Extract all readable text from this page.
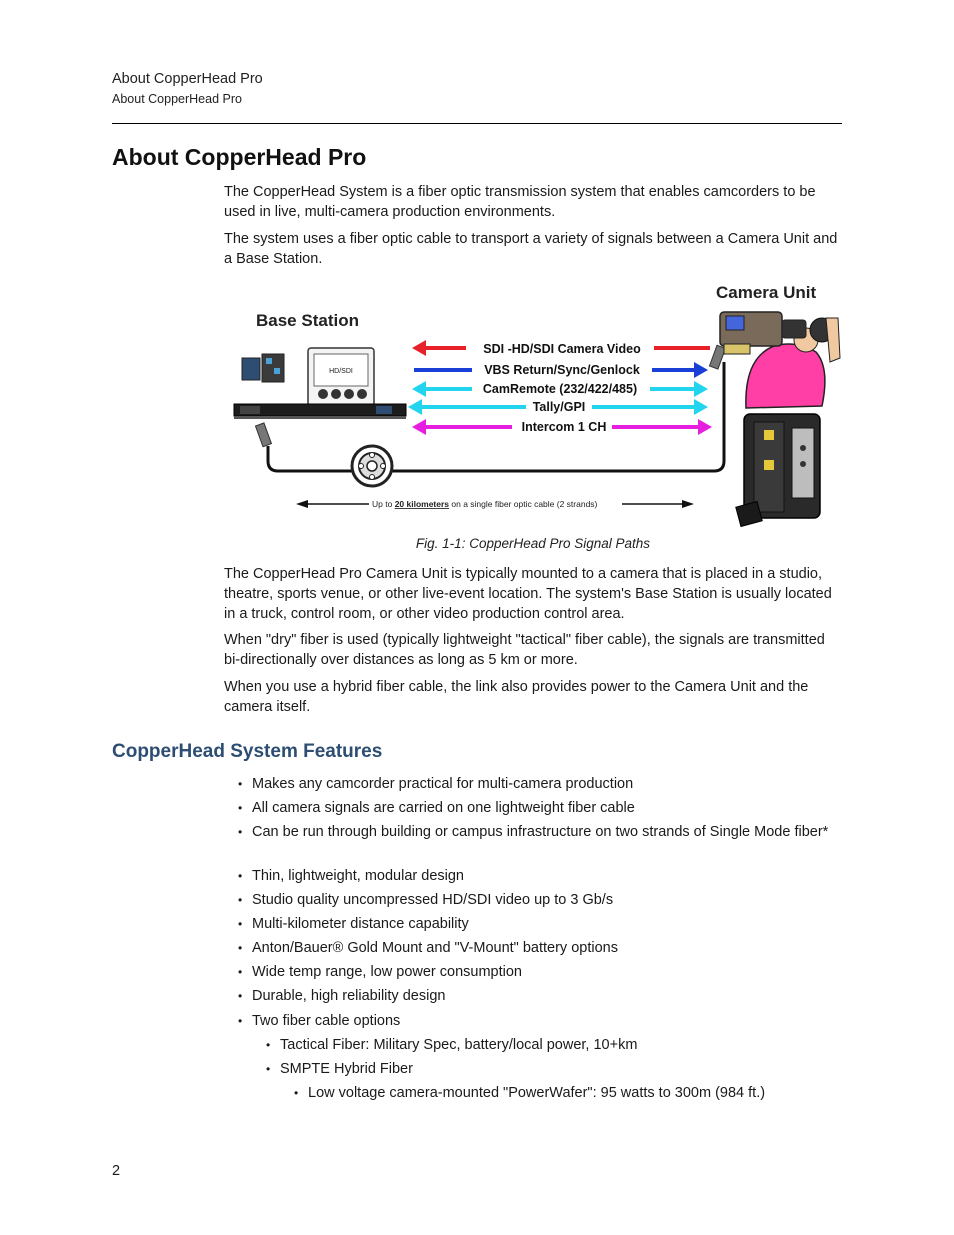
About CopperHead Pro
About CopperHead Pro
About CopperHead Pro

The CopperHead System is a fiber optic transmission system that enables camcorders to be used in live, multi-camera production environments.

The system uses a fiber optic cable to transport a variety of signals between a Camera Unit and a Base Station.

Base Station
Camera Unit
HD/SDI
SDI -HD/SDI Camera Video
VBS Return/Sync/Genlock
CamRemote (232/422/485)
Tally/GPI
Intercom 1 CH
Up to 20 kilometers on a single fiber optic cable (2 strands)
Fig. 1-1: CopperHead Pro Signal Paths

The CopperHead Pro Camera Unit is typically mounted to a camera that is placed in a studio, theatre, sports venue, or other live-event location. The system's Base Station is usually located in a truck, control room, or other video production control area.

When "dry" fiber is used (typically lightweight "tactical" fiber cable), the signals are transmitted bi-directionally over distances as long as 5 km or more.

When you use a hybrid fiber cable, the link also provides power to the Camera Unit and the camera itself.

CopperHead System Features
• Makes any camcorder practical for multi-camera production
• All camera signals are carried on one lightweight fiber cable
• Can be run through building or campus infrastructure on two strands of Single Mode fiber*
• Thin, lightweight, modular design
• Studio quality uncompressed HD/SDI video up to 3 Gb/s
• Multi-kilometer distance capability
• Anton/Bauer® Gold Mount and "V-Mount" battery options
• Wide temp range, low power consumption
• Durable, high reliability design
• Two fiber cable options
• Tactical Fiber: Military Spec, battery/local power, 10+km
• SMPTE Hybrid Fiber
• Low voltage camera-mounted "PowerWafer": 95 watts to 300m (984 ft.)
2
